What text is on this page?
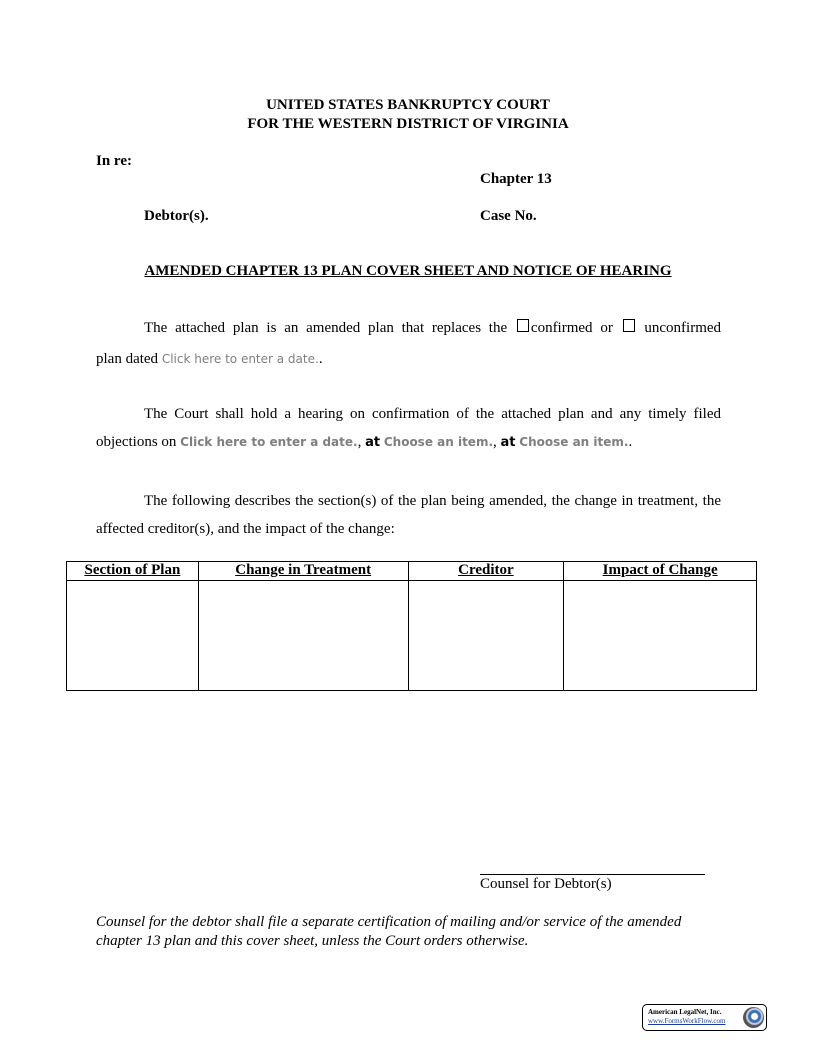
UNITED STATES BANKRUPTCY COURT
FOR THE WESTERN DISTRICT OF VIRGINIA
In re:
Chapter 13
Debtor(s).	Case No.
AMENDED CHAPTER 13 PLAN COVER SHEET AND NOTICE OF HEARING
The attached plan is an amended plan that replaces the confirmed or unconfirmed
plan dated Click here to enter a date..
The Court shall hold a hearing on confirmation of the attached plan and any timely filed
objections on Click here to enter a date., at Choose an item., at Choose an item..
The following describes the section(s) of the plan being amended, the change in treatment, the affected creditor(s), and the impact of the change:
Section of Plan	Change in Treatment	Creditor	Impact of Change

Counsel for Debtor(s)
Counsel for the debtor shall file a separate certification of mailing and/or service of the amended chapter 13 plan and this cover sheet, unless the Court orders otherwise.
American LegalNet, Inc.
www.FormsWorkFlow.com
